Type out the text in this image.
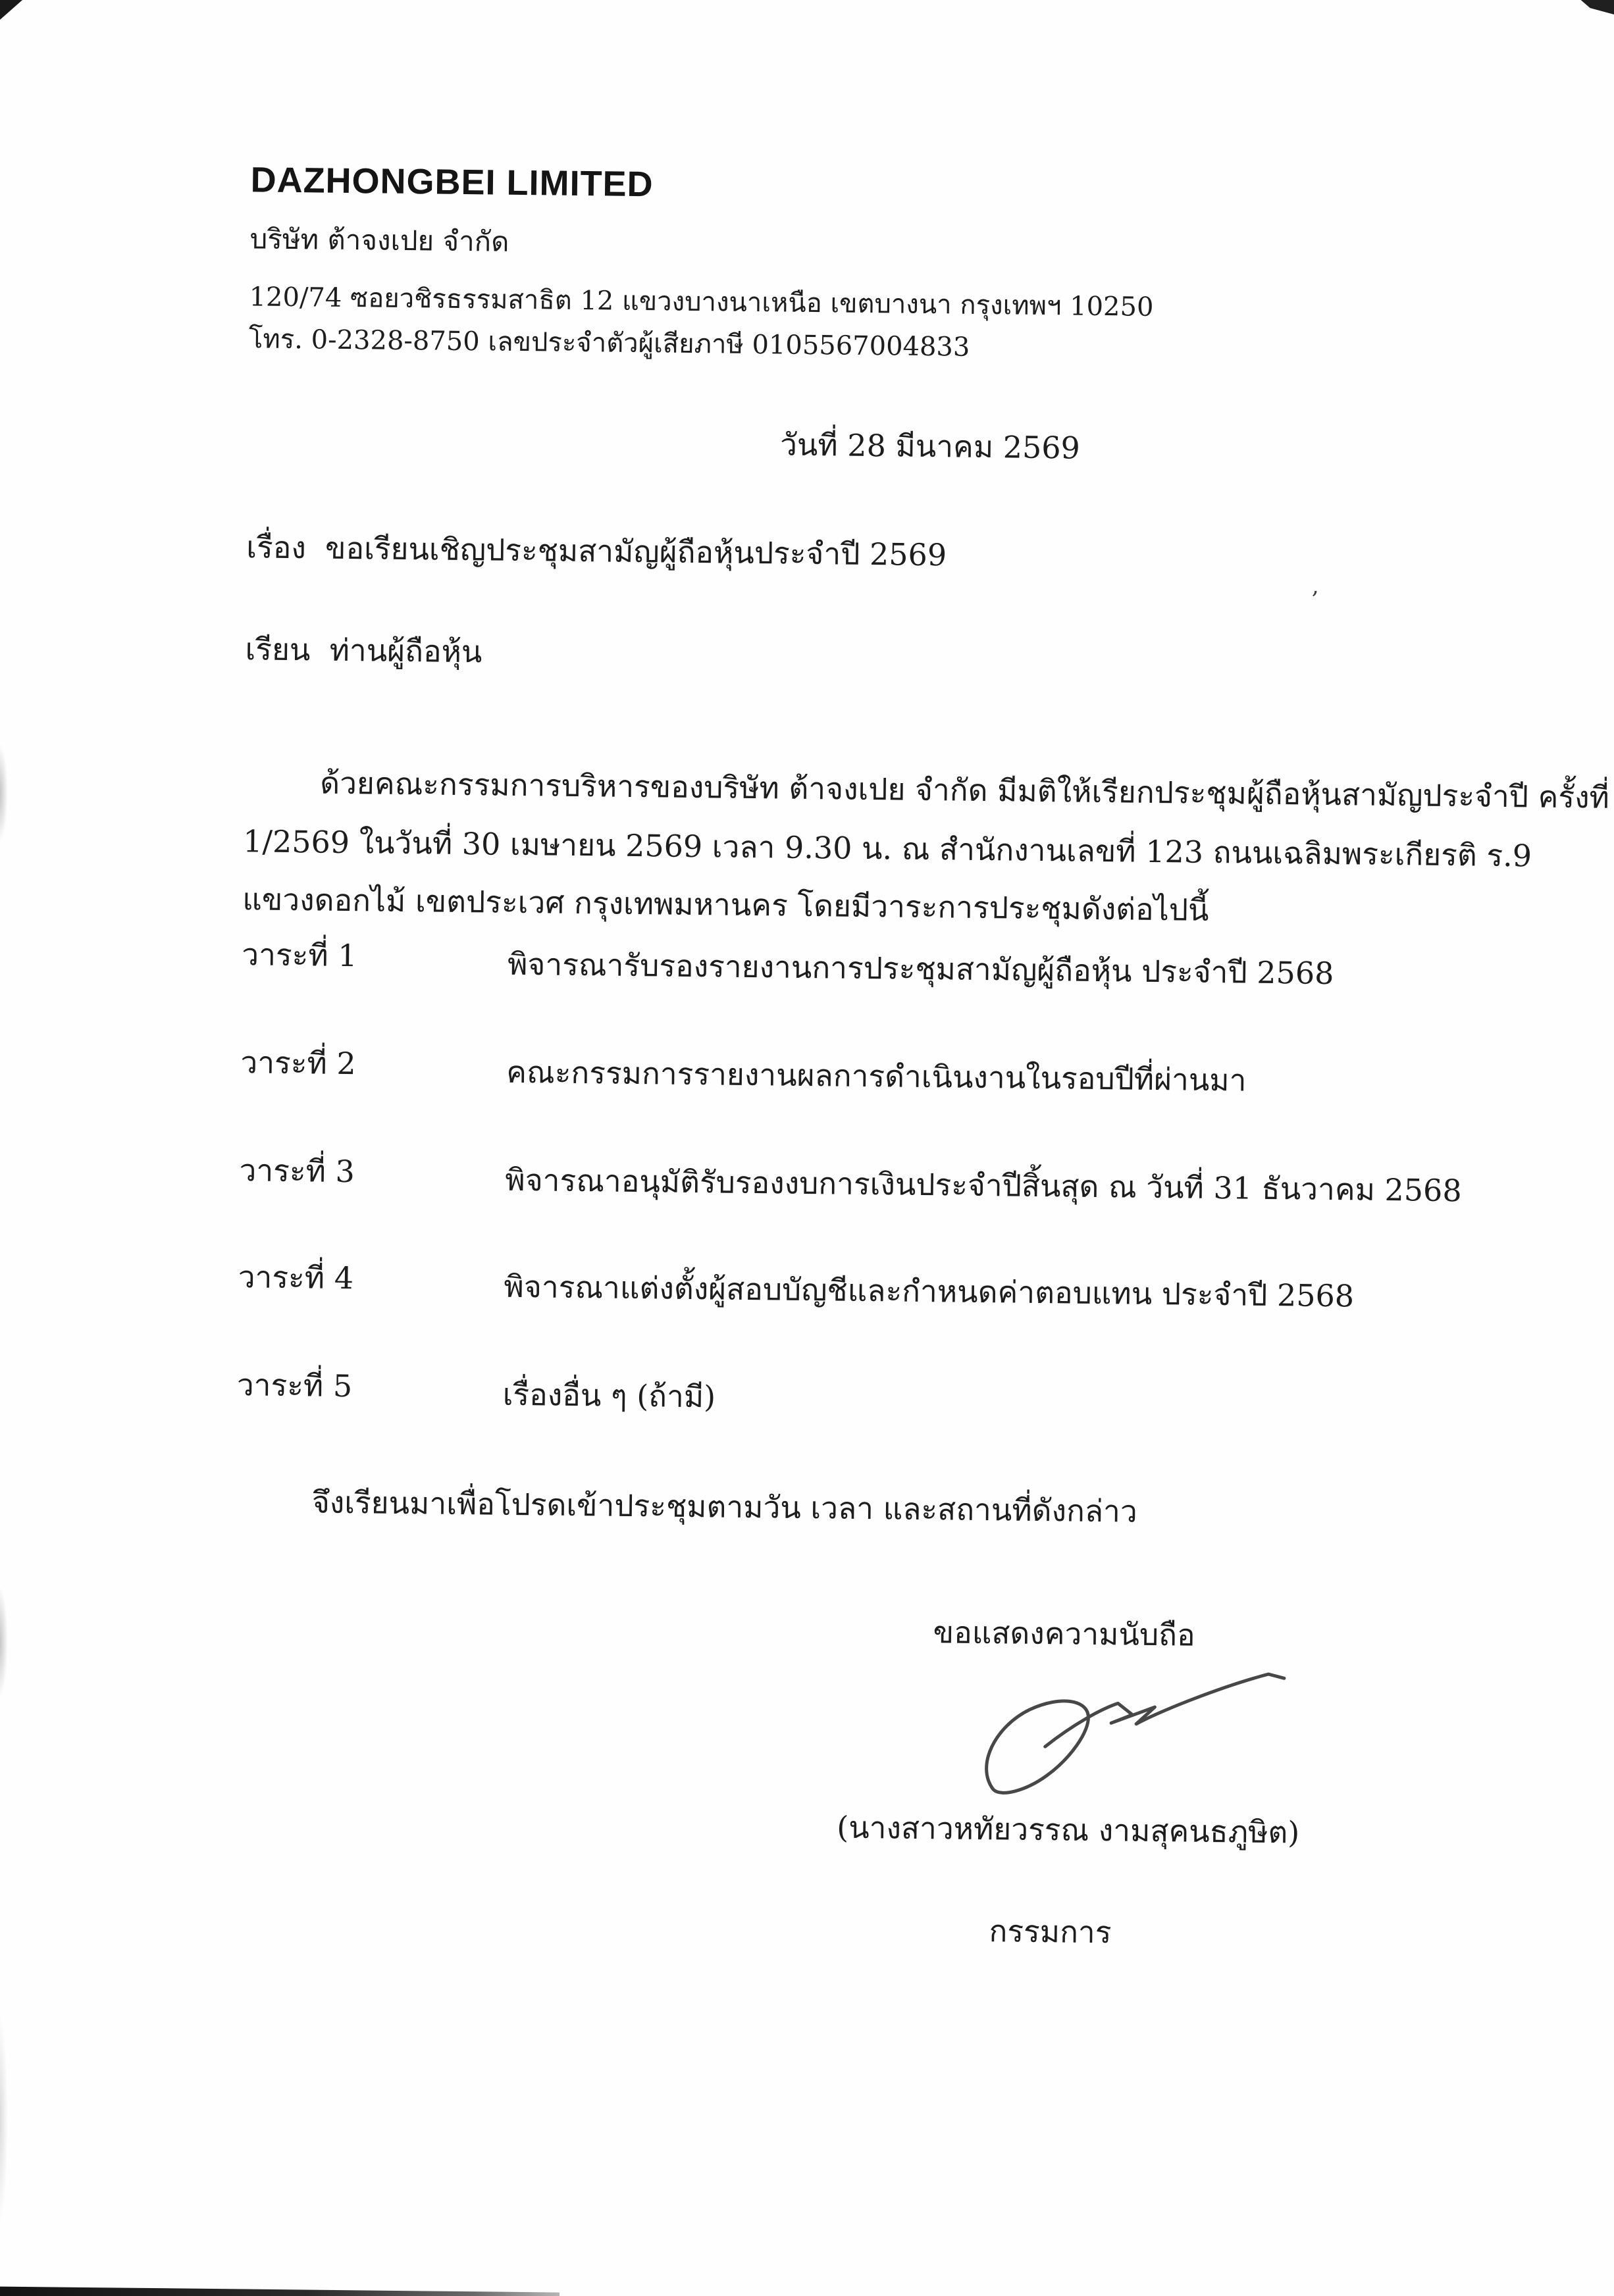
DAZHONGBEI LIMITED
บริษัท ต้าจงเปย จำกัด
120/74 ซอยวชิรธรรมสาธิต 12 แขวงบางนาเหนือ เขตบางนา กรุงเทพฯ 10250
โทร. 0-2328-8750 เลขประจำตัวผู้เสียภาษี 0105567004833
วันที่ 28 มีนาคม 2569
เรื่อง ขอเรียนเชิญประชุมสามัญผู้ถือหุ้นประจำปี 2569
เรียน ท่านผู้ถือหุ้น
ด้วยคณะกรรมการบริหารของบริษัท ต้าจงเปย จำกัด มีมติให้เรียกประชุมผู้ถือหุ้นสามัญประจำปี ครั้งที่
1/2569 ในวันที่ 30 เมษายน 2569 เวลา 9.30 น. ณ สำนักงานเลขที่ 123 ถนนเฉลิมพระเกียรติ ร.9
แขวงดอกไม้ เขตประเวศ กรุงเทพมหานคร โดยมีวาระการประชุมดังต่อไปนี้
วาระที่ 1	พิจารณารับรองรายงานการประชุมสามัญผู้ถือหุ้น ประจำปี 2568
วาระที่ 2	คณะกรรมการรายงานผลการดำเนินงานในรอบปีที่ผ่านมา
วาระที่ 3	พิจารณาอนุมัติรับรองงบการเงินประจำปีสิ้นสุด ณ วันที่ 31 ธันวาคม 2568
วาระที่ 4	พิจารณาแต่งตั้งผู้สอบบัญชีและกำหนดค่าตอบแทน ประจำปี 2568
วาระที่ 5	เรื่องอื่น ๆ (ถ้ามี)
จึงเรียนมาเพื่อโปรดเข้าประชุมตามวัน เวลา และสถานที่ดังกล่าว
ขอแสดงความนับถือ
(นางสาวหทัยวรรณ งามสุคนธภูษิต)
กรรมการ
‚
